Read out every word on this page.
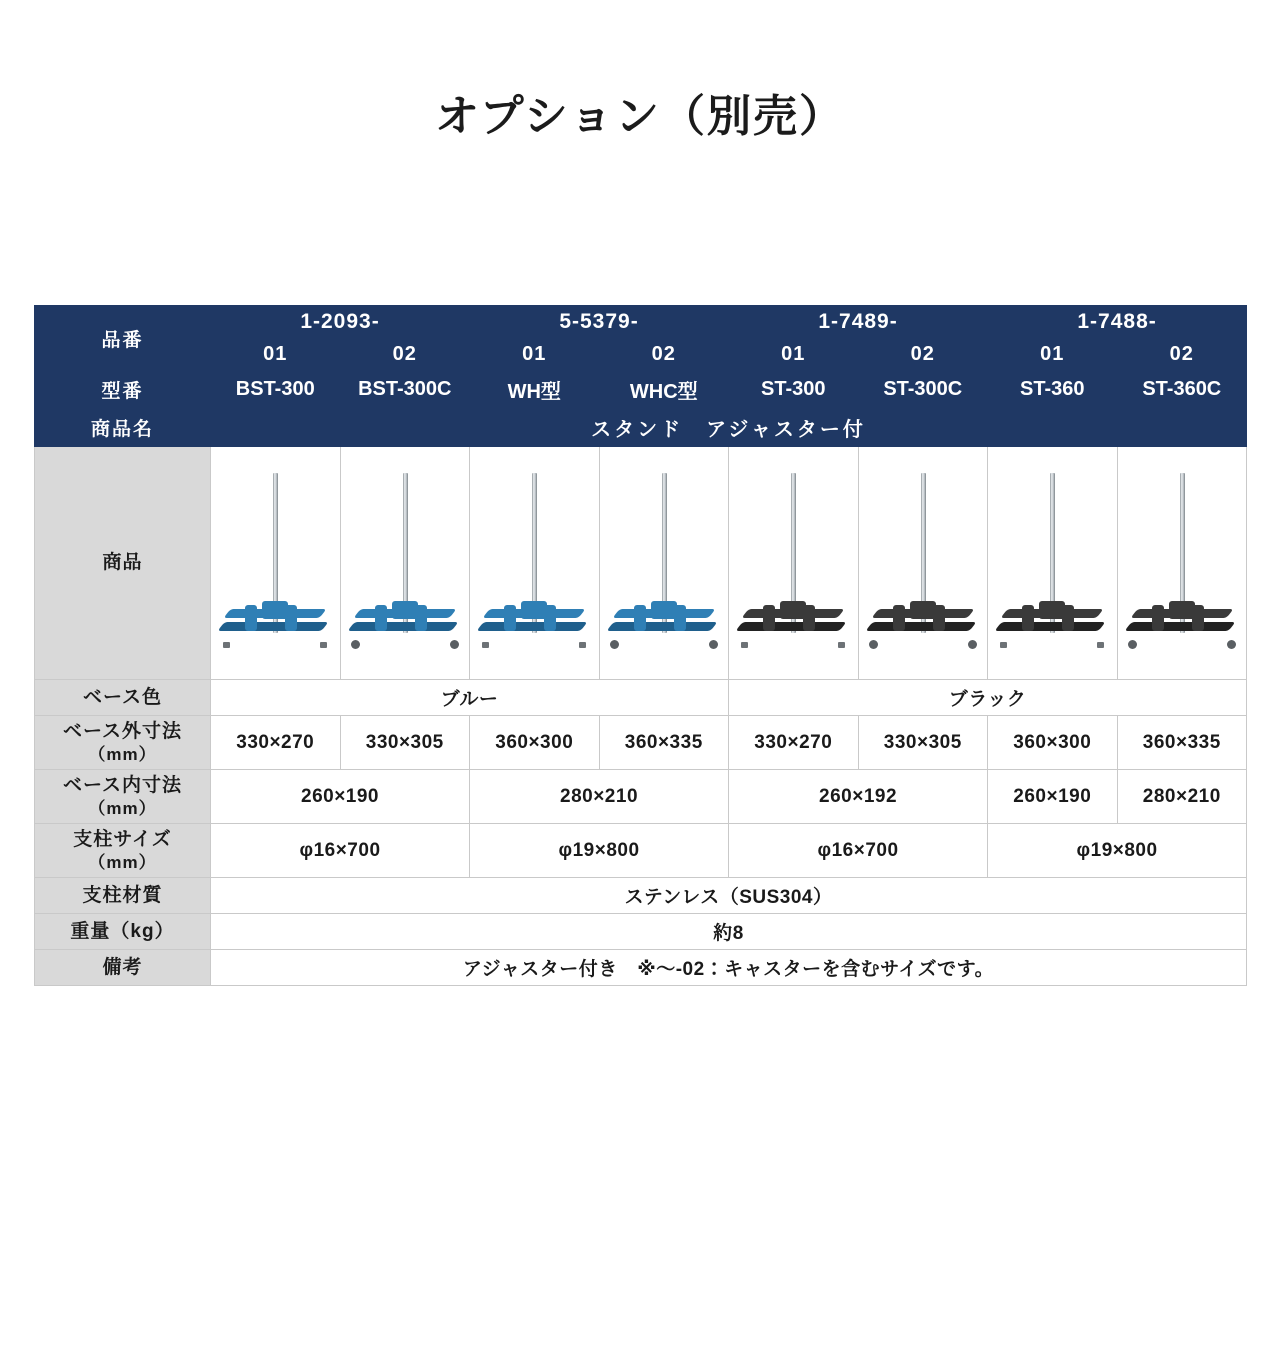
オプション（別売）
品番	1-2093-		5-5379-		1-7489-		1-7488-	
	01	02	01	02	01	02	01	02
型番	BST-300	BST-300C	WH型	WHC型	ST-300	ST-300C	ST-360	ST-360C
商品名	スタンド　アジャスター付							
商品	

ベース色	ブルー				ブラック			
ベース外寸法
（mm）	330×270	330×305	360×300	360×335	330×270	330×305	360×300	360×335
ベース内寸法
（mm）	260×190		280×210		260×192		260×190	280×210
支柱サイズ
（mm）	φ16×700		φ19×800		φ16×700		φ19×800	
支柱材質	ステンレス（SUS304）							
重量（kg）	約8							
備考	アジャスター付き　※～-02：キャスターを含むサイズです。							
